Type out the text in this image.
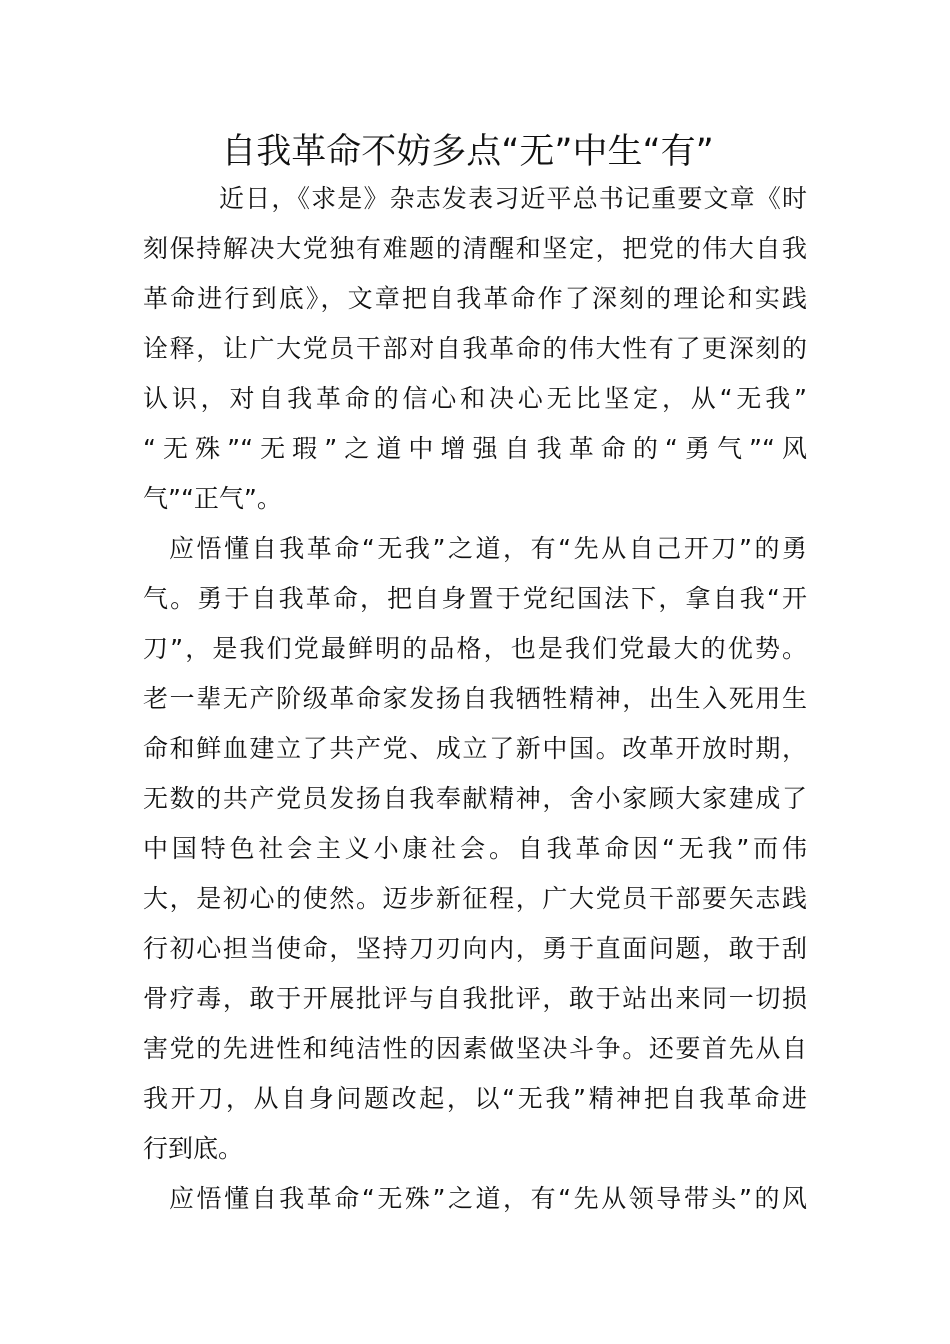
自我革命不妨多点“无”中生“有”
近日，《求是》杂志发表习近平总书记重要文章《时
刻保持解决大党独有难题的清醒和坚定，把党的伟大自我
革命进行到底》，文章把自我革命作了深刻的理论和实践
诠释，让广大党员干部对自我革命的伟大性有了更深刻的
认识，对自我革命的信心和决心无比坚定，从“无我”
“无殊”“无瑕”之道中增强自我革命的“勇气”“风
气”“正气”。
应悟懂自我革命“无我”之道，有“先从自己开刀”的勇
气。勇于自我革命，把自身置于党纪国法下，拿自我“开
刀”，是我们党最鲜明的品格，也是我们党最大的优势。
老一辈无产阶级革命家发扬自我牺牲精神，出生入死用生
命和鲜血建立了共产党、成立了新中国。改革开放时期，
无数的共产党员发扬自我奉献精神，舍小家顾大家建成了
中国特色社会主义小康社会。自我革命因“无我”而伟
大，是初心的使然。迈步新征程，广大党员干部要矢志践
行初心担当使命，坚持刀刃向内，勇于直面问题，敢于刮
骨疗毒，敢于开展批评与自我批评，敢于站出来同一切损
害党的先进性和纯洁性的因素做坚决斗争。还要首先从自
我开刀，从自身问题改起，以“无我”精神把自我革命进
行到底。
应悟懂自我革命“无殊”之道，有“先从领导带头”的风
